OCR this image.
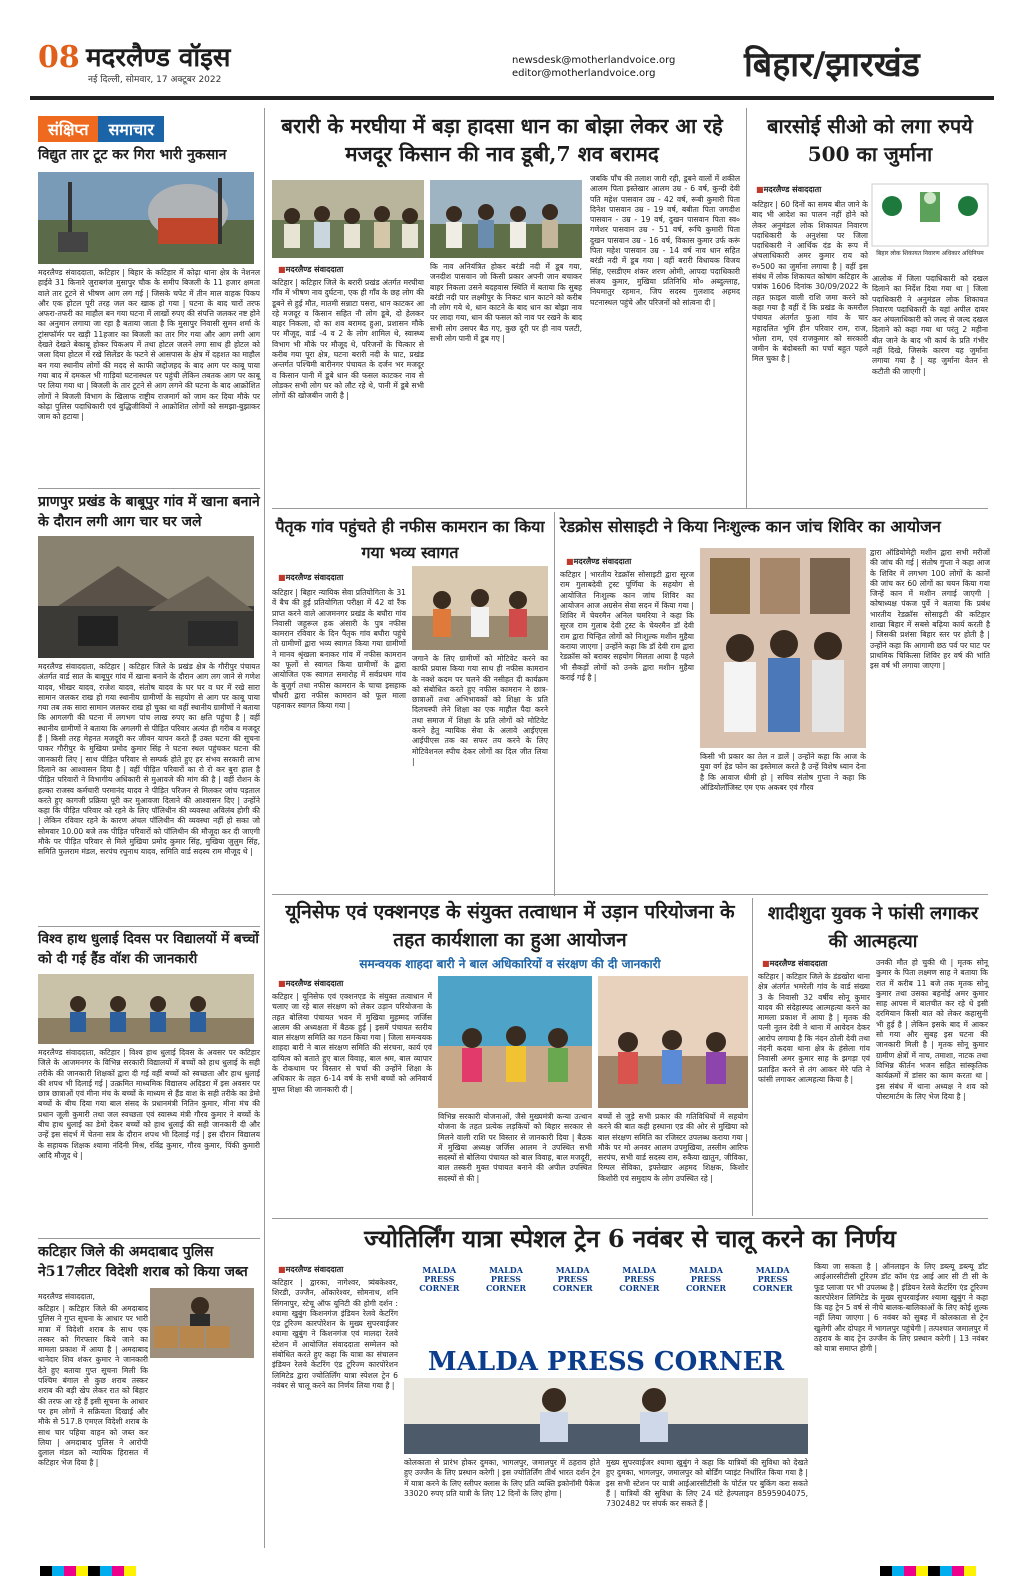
08 मदरलैण्ड वॉइस
नई दिल्ली, सोमवार, 17 अक्टूबर 2022
newsdesk@motherlandvoice.org
editor@motherlandvoice.org	बिहार/झारखंड
संक्षिप्त	समाचार
विद्युत तार टूट कर गिरा भारी नुकसान
मदरलैण्ड संवाददाता, कटिहार | बिहार के कटिहार में कोढ़ा थाना क्षेत्र के नेशनल हाईवे 31 किनारे जुराबगंज मुसापुर चौक के समीप बिजली के 11 हजार क्षमता वाले तार टूटने से भीषण आग लग गई | जिसके चपेट में तीन माल वाहक पिकप और एक होटल पूरी तरह जल कर खाक हो गया | घटना के बाद चारों तरफ अफरा-तफरी का माहौल बन गया घटना में लाखों रुपए की संपत्ति जलकर नष्ट होने का अनुमान लगाया जा रहा है बताया जाता है कि मुसापुर निवासी सुमन शर्मा के ट्रांसफॉर्मर पर खड़ी 11हजार का बिजली का तार गिर गया और आग लगी आग देखते देखते बेकाबू होकर पिकअप में तथा होटल जलने लगा साथ ही होटल को जला दिया होटल में रखे सिलेंडर के फटने से आसपास के क्षेत्र में दहशत का माहौल बन गया स्थानीय लोगों की मदद से काफी जद्दोजहद के बाद आग पर काबू पाया गया बाद में दमकल भी गाड़ियां घटनास्थल पर पहुंची लेकिन तबतक आग पर काबू पर लिया गया था | बिजली के तार टूटने से आग लगने की घटना के बाद आक्रोशित लोगों ने बिजली विभाग के खिलाफ राष्ट्रीय राजमार्ग को जाम कर दिया मौके पर कोढ़ा पुलिस पदाधिकारी एवं बुद्धिजीवियों ने आक्रोशित लोगों को समझा-बुझाकर जाम को हटाया |
प्राणपुर प्रखंड के बाबूपुर गांव में खाना बनाने के दौरान लगी आग चार घर जले
मदरलैण्ड संवाददाता, कटिहार | कटिहार जिले के प्रखंड क्षेत्र के गौरीपुर पंचायत अंतर्गत वार्ड सात के बाबूपुर गांव में खाना बनाने के दौरान आग लग जाने से गणेश यादव, भीखर यादव, राजेश यादव, संतोष यादव के घर घर व घर में रखे सारा सामान जलकर राख हो गया स्थानीय ग्रामीणों के सहयोग से आग पर काबू पाया गया तब तक सारा सामान जलकर राख हो चुका था वहीं स्थानीय ग्रामीणों ने बताया कि आगलगी की घटना में लगभग पांच लाख रुपए का क्षति पहुंचा है | वहीं स्थानीय ग्रामीणों ने बताया कि अगलगी से पीड़ित परिवार अत्यंत ही गरीब व मजदूर हैं | किसी तरह मेहनत मजदूरी कर जीवन यापन करते हैं उक्त घटना की सूचना पाकर गौरीपुर के मुखिया प्रमोद कुमार सिंह ने घटना स्थल पहुंचकर घटना की जानकारी लिए | साथ पीड़ित परिवार से सम्पर्क होते हुए हर संभव सरकारी लाभ दिलाने का आश्वासन दिया है | वहीं पीड़ित परिवारों का रो रो कर बुरा हाल है पीड़ित परिवारों ने विभागीय अधिकारी से मुआवजे की मांग की है | वहीं रोशन के हल्का राजस्व कर्मचारी परमानंद यादव ने पीड़ित परिजन से मिलकर जांच पड़ताल करते हुए कागजी प्रक्रिया पूरी कर मुआवजा दिलाने की आश्वासन दिए | उन्होंने कहा कि पीड़ित परिवार को रहने के लिए पॉलिथीन की व्यवस्था अविलंब होगी की | लेकिन रविवार रहने के कारण अंचल पॉलिथीन की व्यवस्था नहीं हो सका जो सोमवार 10.00 बजे तक पीड़ित परिवारों को पॉलिथीन की मौजूदा कर दी जाएगी मौके पर पीड़ित परिवार से मिले मुखिया प्रमोद कुमार सिंह, मुखिया जुलुम सिंह, समिति फुलराम मंडल, सरपंच रघुनाथ यादव, समिति वार्ड सदस्य राम मौजूद थे |
विश्व हाथ धुलाई दिवस पर विद्यालयों में बच्चों को दी गई हैंड वॉश की जानकारी
मदरलैण्ड संवाददाता, कटिहार | विश्व हाथ धुलाई दिवस के अवसर पर कटिहार जिले के आजमनगर के विभिन्न सरकारी विद्यालयों में बच्चों को हाथ धुलाई के सही तरीके की जानकारी शिक्षकों द्वारा दी गई वहीं बच्चों को स्वच्छता और हाथ धुलाई की शपथ भी दिलाई गई | उत्क्रमित माध्यमिक विद्यालय अदिडरा में इस अवसर पर छात्र छात्राओं एवं मीना मंच के बच्चों के माध्यम से हैंड वाश के सही तरीके का डेमो बच्चों के बीच दिया गया बाल संसद के प्रधानमंत्री नितिन कुमार, मीना मंच की प्रधान जूली कुमारी तथा जल स्वच्छता एवं स्वास्थ्य मंत्री गौरव कुमार ने बच्चों के बीच हाथ धुलाई का डेमो देकर बच्चों को हाथ धुलाई की सही जानकारी दी और उन्हें इस संदर्भ में चेतना सत्र के दौरान शपथ भी दिलाई गई | इस दौरान विद्यालय के सहायक शिक्षक श्यामा नंदिनी मिश्र, रविंद्र कुमार, गौरव कुमार, पिंकी कुमारी आदि मौजूद थे |
कटिहार जिले की अमदाबाद पुलिस ने517लीटर विदेशी शराब को किया जब्त
मदरलैण्ड संवाददाता,
कटिहार | कटिहार जिले की अमदाबाद पुलिस ने गुप्त सूचना के आधार पर भारी मात्रा में विदेशी शराब के साथ एक तस्कर को गिरफ्तार किये जाने का मामला प्रकाश में आया है | अमदाबाद थानेदार शिव शंकर कुमार ने जानकारी देते हुए बताया गुप्त सूचना मिली कि पश्चिम बंगाल से कुछ शराब तस्कर शराब की बड़ी खेप लेकर रात को बिहार की तरफ आ रहे हैं इसी सूचना के आधार पर हम लोगों ने सक्रियता दिखाई और मौके से 517.8 एमएल विदेशी शराब के साथ चार पहिया वाहन को जब्त कर लिया | अमदाबाद पुलिस ने आरोपी दुलाल मंडल को न्यायिक हिरासत में कटिहार भेज दिया है |
बरारी के मरघीया में बड़ा हादसा धान का बोझा लेकर आ रहे मजदूर किसान की नाव डूबी,7 शव बरामद
■ मदरलैण्ड संवाददाता
कटिहार | कटिहार जिले के बरारी प्रखंड अंतर्गत मरघीया गाँव में भीषण नाव दुर्घटना, एक ही गाँव के छह लोग की डूबने से हुई मौत, मातमी सन्नाटा पसरा, धान काटकर आ रहे मजदूर व किसान सहित नौ लोग डूबे, दो हेलकर बाहर निकला, दो का शव बरामद हुआ, प्रशासन मौके पर मौजूद, वार्ड -4 व 2 के लोग शामिल थे, स्वास्थ्य विभाग भी मौके पर मौजूद थे, परिजनों के चित्कार से करीब गया पूरा क्षेत्र, घटना बरारी नदी के घाट, प्रखंड अन्तर्गत पश्चिमी बारीनगर पंचायत के दर्जन भर मजदूर व किसान पानी में डूबे धान की फसल काटकर नाव से लोडकर सभी लोग घर को लौट रहे थे, पानी में डूबे सभी लोगों की खोजबीन जारी है |
कि नाव अनियंत्रित होकर बरंडी नदी में डूब गया, जनदीश पासवान जो किसी प्रकार अपनी जान बचाकर बाहर निकला उसने बदहवास स्थिति में बताया कि सुबह बरंडी नदी पार लक्ष्मीपुर के निकट धान काटने को करीब नौ लोग गये थे, धान काटने के बाद धान का बोझा नाव पर लादा गया, धान की फसल को नाव पर रखने के बाद सभी लोग उसपर बैठ गए, कुछ दूरी पर ही नाव पलटी, सभी लोग पानी में डूब गए |
जबकि पाँच की तलाश जारी रही, डूबने वालों में शकील आलम पिता इस्तेखार आलम उम्र - 6 वर्ष, कुन्दी देवी पति महेश पासवान उम्र - 42 वर्ष, रूबी कुमारी पिता दिनेश पासवान उम्र - 19 वर्ष, बबीता पिता जगदीश पासवान - उम्र - 19 वर्ष, दुखन पासवान पिता स्व० गणेशर पासवान उम्र - 51 वर्ष, रूचि कुमारी पिता दुखन पासवान उम्र - 16 वर्ष, विकास कुमार उर्फ करूं पिता महेश पासवान उम्र - 14 वर्ष नाव धान सहित बरंडी नदी में डूब गया | वहीं बरारी विधायक विजय सिंह, एसडीएम शंकर शरण ओमी, आपदा पदाधिकारी संजय कुमार, मुखिया प्रतिनिधि मो० अब्दुल्लाह, नियमातुर रहमान, जिप सदस्य गुलशाद अहमद घटनास्थल पहुंचे और परिजनों को सांत्वना दी |
बारसोई सीओ को लगा रुपये 500 का जुर्माना
■ मदरलैण्ड संवाददाता
बिहार लोक शिकायत निवारण अधिकार अधिनियम
कटिहार | 60 दिनों का समय बीत जाने के बाद भी आदेश का पालन नहीं होने को लेकर अनुमंडल लोक शिकायत निवारण पदाधिकारी के अनुशंसा पर जिला पदाधिकारी ने आर्थिक दंड के रूप में अंचलाधिकारी अमर कुमार राय को रु०500 का जुर्माना लगाया है | वहीं इस संबंध में लोक शिकायत कोषांग कटिहार के पत्रांक 1606 दिनांक 30/09/2022 के तहत फ़ाइल वाली राशि जमा करने को कहा गया है वहीं दें कि प्रखंड के कमरौल पंचायत अंतर्गत फुआ गांव के चार महादलित भूमि हीन परिवार राम, राज, भोला राम, एवं राजकुमार को सरकारी जमीन के बंदोबस्ती का पर्चा बहुत पहले मिल चुका है |
आलोक में जिला पदाधिकारी को दखल दिलाने का निर्देश दिया गया था | जिला पदाधिकारी ने अनुमंडल लोक शिकायत निवारण पदाधिकारी के यहां अपील दायर कर अंचलाधिकारी को जल्द से जल्द दखल दिलाने को कहा गया था परंतु 2 महीना बीत जाने के बाद भी कार्य के प्रति गंभीर नहीं दिखे, जिसके कारण यह जुर्माना लगाया गया है | यह जुर्माना वेतन से कटौती की जाएगी |
पैतृक गांव पहुंचते ही नफीस कामरान का किया गया भव्य स्वागत
■ मदरलैण्ड संवाददाता
कटिहार | बिहार न्यायिक सेवा प्रतियोगिता के 31 वें बैच की हुई प्रतियोगिता परीक्षा में 42 वां रैंक प्राप्त करने वाले आजमनगर प्रखंड के बघौरा गांव निवासी जहूरूल हक अंसारी के पुत्र नफीस कामरान रविवार के दिन पैतृक गांव बघौरा पहुंचे तो ग्रामीणों द्वारा भव्य स्वागत किया गया ग्रामीणों ने मानव श्रृंखला बनाकर गांव में नफीस कामरान का फूलों से स्वागत किया ग्रामीणों के द्वारा आयोजित एक स्वागत समारोह में सर्वप्रथम गांव के बुजुर्ग तथा नफीस कामरान के चाचा इसहाक चौधरी द्वारा नफीस कामरान को फूल माला पहनाकर स्वागत किया गया |
जगाने के लिए ग्रामीणों को मोटिवेट करने का काफी प्रयास किया गया साथ ही नफीस कामरान के नक्शे कदम पर चलने की नसीहत दी कार्यक्रम को संबोधित करते हुए नफीस कामरान ने छात्र-छात्राओं तथा अभिभावकों को शिक्षा के प्रति दिलचस्पी लेने शिक्षा का एक माहौल पैदा करने तथा समाज में शिक्षा के प्रति लोगों को मोटिवेट करने हेतु न्यायिक सेवा के अलावे आईएएस आईपीएस तक का सफर तय करने के लिए मोटिवेशनल स्पीच देकर लोगों का दिल जीत लिया |
रेडक्रोस सोसाइटी ने किया निःशुल्क कान जांच शिविर का आयोजन
■ मदरलैण्ड संवाददाता
कटिहार | भारतीय रेडक्रॉस सोसाइटी द्वारा सूरज राम गुलाबदेवी ट्रस्ट पूर्णिया के सहयोग से आयोजित निःशुल्क कान जांच शिविर का आयोजन आज अग्रसेन सेवा सदन में किया गया | शिविर में चेयरमैन अनिल चमरिया ने कहा कि सूरज राम गुलाब देवी ट्रस्ट के चेयरमैन डॉ देवी राम द्वारा चिन्हित लोगों को निःशुल्क मशीन मुहैया कराया जाएगा | उन्होंने कहा कि डॉ देवी राम द्वारा रेडक्रॉस को बराबर सहयोग मिलता आया है पहले भी सैकड़ों लोगों को उनके द्वारा मशीन मुहैया कराई गई है |
किसी भी प्रकार का तेल न डालें | उन्होंने कहा कि आज के युवा वर्ग हेड फोन का इस्तेमाल करते है उन्हें विशेष ध्यान देना है कि आवाज धीमी हो | सचिव संतोष गुप्ता ने कहा कि ऑडियोलॉजिस्ट एम एफ अकबर एवं गौरव
द्वारा ऑडियोमेट्री मशीन द्वारा सभी मरीजों की जांच की गई | संतोष गुप्ता ने कहा आज के शिविर में लगभग 100 लोगों के कानों की जांच कर 60 लोगों का चयन किया गया जिन्हें कान में मशीन लगाई जाएगी | कोषाध्यक्ष पंकज पुर्वे ने बताया कि प्रबंध भारतीय रेडक्रॉस सोसाइटी की कटिहार शाखा बिहार में सबसे बढ़िया कार्य करती है | जिसकी प्रशंसा बिहार स्तर पर होती है | उन्होंने कहा कि आगामी छठ पर्व पर घाट पर प्राथमिक चिकित्सा शिविर हर वर्ष की भांति इस वर्ष भी लगाया जाएगा |
यूनिसेफ एवं एक्शनएड के संयुक्त तत्वाधान में उड़ान परियोजना के तहत कार्यशाला का हुआ आयोजन
समन्वयक शाहदा बारी ने बाल अधिकारियों व संरक्षण की दी जानकारी
■ मदरलैण्ड संवाददाता
कटिहार | यूनिसेफ एवं एक्शनएड के संयुक्त तत्वाधान में चलाए जा रहे बाल संरक्षण को लेकर उड़ान परियोजना के तहत बोलिया पंचायत भवन में मुखिया मुहम्मद जर्जिस आलम की अध्यक्षता में बैठक हुई | इसमें पंचायत स्तरीय बाल संरक्षण समिति का गठन किया गया | जिला समन्वयक शाहदा बारी ने बाल संरक्षण समिति की संरचना, कार्य एवं दायित्व को बताते हुए बाल विवाह, बाल श्रम, बाल व्यापार के रोकथाम पर विस्तार से चर्चा की उन्होंने शिक्षा के अधिकार के तहत 6-14 वर्ष के सभी बच्चों को अनिवार्य मुफ्त शिक्षा की जानकारी दी |
विभिन्न सरकारी योजनाओं, जैसे मुख्यमंत्री कन्या उत्थान योजना के तहत प्रत्येक लड़कियों को बिहार सरकार से मिलने वाली राशि पर विस्तार से जानकारी दिया | बैठक में मुखिया अध्यक्ष जर्जिस आलम ने उपस्थित सभी सदस्यों से बोलिया पंचायत को बाल विवाह, बाल मजदूरी, बाल तस्करी मुक्त पंचायत बनाने की अपील उपस्थित सदस्यों से की |
बच्चों से जुड़े सभी प्रकार की गतिविधियों में सहयोग करने की बात कही हस्थाना एड की ओर से मुखिया को बाल संरक्षण समिति का रजिस्टर उपलब्ध कराया गया | मौके पर मो अनवर आलम उपमुखिया, तस्लीम आरिफ सरपंच, सभी वार्ड सदस्य राम, रुकैया खातुन, जीविका, रिम्पल सेविका, इफ्तेखार अहमद शिक्षक, किशोर किशोरी एवं समुदाय के लोग उपस्थित रहे |
शादीशुदा युवक ने फांसी लगाकर की आत्महत्या
■ मदरलैण्ड संवाददाता
कटिहार | कटिहार जिले के डंडखोरा थाना क्षेत्र अंतर्गत भमरेली गांव के वार्ड संख्या 3 के निवासी 32 वर्षीय सोनू कुमार यादव की संदेहास्पद आत्महत्या करने का मामला प्रकाश में आया है | मृतक की पत्नी नूतन देवी ने थाना में आवेदन देकर आरोप लगाया है कि नंदन ठोली देवी तथा नंदनी कदवा थाना क्षेत्र के हंसेला गांव निवासी अमर कुमार साह के झगड़ा एवं प्रताड़ित करने से तंग आकर मेरे पति ने फांसी लगाकर आत्महत्या किया है |
उनकी मौत हो चुकी थी | मृतक सोनू कुमार के पिता लक्ष्मण साह ने बताया कि रात में करीब 11 बजे तक मृतक सोनू कुमार तथा उसका बहनोई अमर कुमार साह आपस में बातचीत कर रहे थे इसी दरमियान किसी बात को लेकर कहासुनी भी हुई है | लेकिन इसके बाद में आकर सो गया और सुबह इस घटना की जानकारी मिली है | मृतक सोनू कुमार ग्रामीण क्षेत्रों में नाच, तमाशा, नाटक तथा विभिन्न कीर्तन भजन सहित सांस्कृतिक कार्यक्रमों में डांसर का काम करता था | इस संबंध में थाना अध्यक्ष ने शव को पोस्टमार्टम के लिए भेज दिया है |
ज्योतिर्लिंग यात्रा स्पेशल ट्रेन 6 नवंबर से चालू करने का निर्णय
■ मदरलैण्ड संवाददाता
कटिहार | द्वारका, नागेश्वर, त्र्यंबकेश्वर, शिरडी, उज्जैन, ओंकारेश्वर, सोमनाथ, शनि सिंगनापुर, स्टेचू ऑफ यूनिटी की होगी दर्शन : श्यामा खुबुंग किशनगंज इंडियन रेलवे केटरिंग एंड टूरिज्म कारपोरेशन के मुख्य सुपरवाईजर श्यामा खुबुंग ने किशनगंज एवं मालदा रेलवे स्टेशन में आयोजित संवाददाता सम्मेलन को संबोधित करते हुए कहा कि यात्रा का संचालन इंडियन रेलवे केटरिंग एंड टूरिज्म कारपोरेशन लिमिटेड द्वारा ज्योतिर्लिंग यात्रा स्पेशल ट्रेन 6 नवंबर से चालू करने का निर्णय लिया गया है |
MALDA PRESS CORNER
MALDA PRESS CORNER
MALDA PRESS CORNER
MALDA PRESS CORNER
MALDA PRESS CORNER
MALDA PRESS CORNER
MALDA PRESS CORNER
कोलकाता से प्रारंभ होकर दुमका, भागलपुर, जमालपुर में ठहराव होते हुए उज्जैन के लिए प्रस्थान करेगी | इस ज्योतिर्लिंग तीर्थ भारत दर्शन ट्रेन में यात्रा करने के लिए स्लीपर क्लास के लिए प्रति व्यक्ति इकोनॉमी पैकेज 33020 रुपए प्रति यात्री के लिए 12 दिनों के लिए होगा |
मुख्य सुपरवाईजर श्यामा खुबुंग ने कहा कि यात्रियों की सुविधा को देखते हुए दुमका, भागलपुर, जमालपुर को बोर्डिंग प्वाइंट निर्धारित किया गया है | इस सभी स्टेशन पर यात्री आईआरसीटीसी के पोर्टल पर बुकिंग करा सकते हैं | यात्रियों की सुविधा के लिए 24 घंटे हेल्पलाइन 8595904075, 7302482 पर संपर्क कर सकते हैं |
किया जा सकता है | ऑनलाइन के लिए डब्ल्यू डब्ल्यू डॉट आईआरसीटीसी टूरिज्म डॉट कॉम एंड आई आर सी टी सी के फूड प्लाजा पर भी उपलब्ध है | इंडियन रेलवे केटरिंग एंड टूरिज्म कारपोरेशन लिमिटेड के मुख्य सुपरवाईजर श्यामा खुबुंग ने कहा कि यह ट्रेन 5 वर्ष से नीचे बालक-बालिकाओं के लिए कोई शुल्क नहीं लिया जाएगा | 6 नवंबर को सुबह में कोलकाता से ट्रेन खुलेगी और दोपहर में भागलपुर पहुंचेगी | तत्पश्चात जमालपुर में ठहराव के बाद ट्रेन उज्जैन के लिए प्रस्थान करेगी | 13 नवंबर को यात्रा समाप्त होगी |
